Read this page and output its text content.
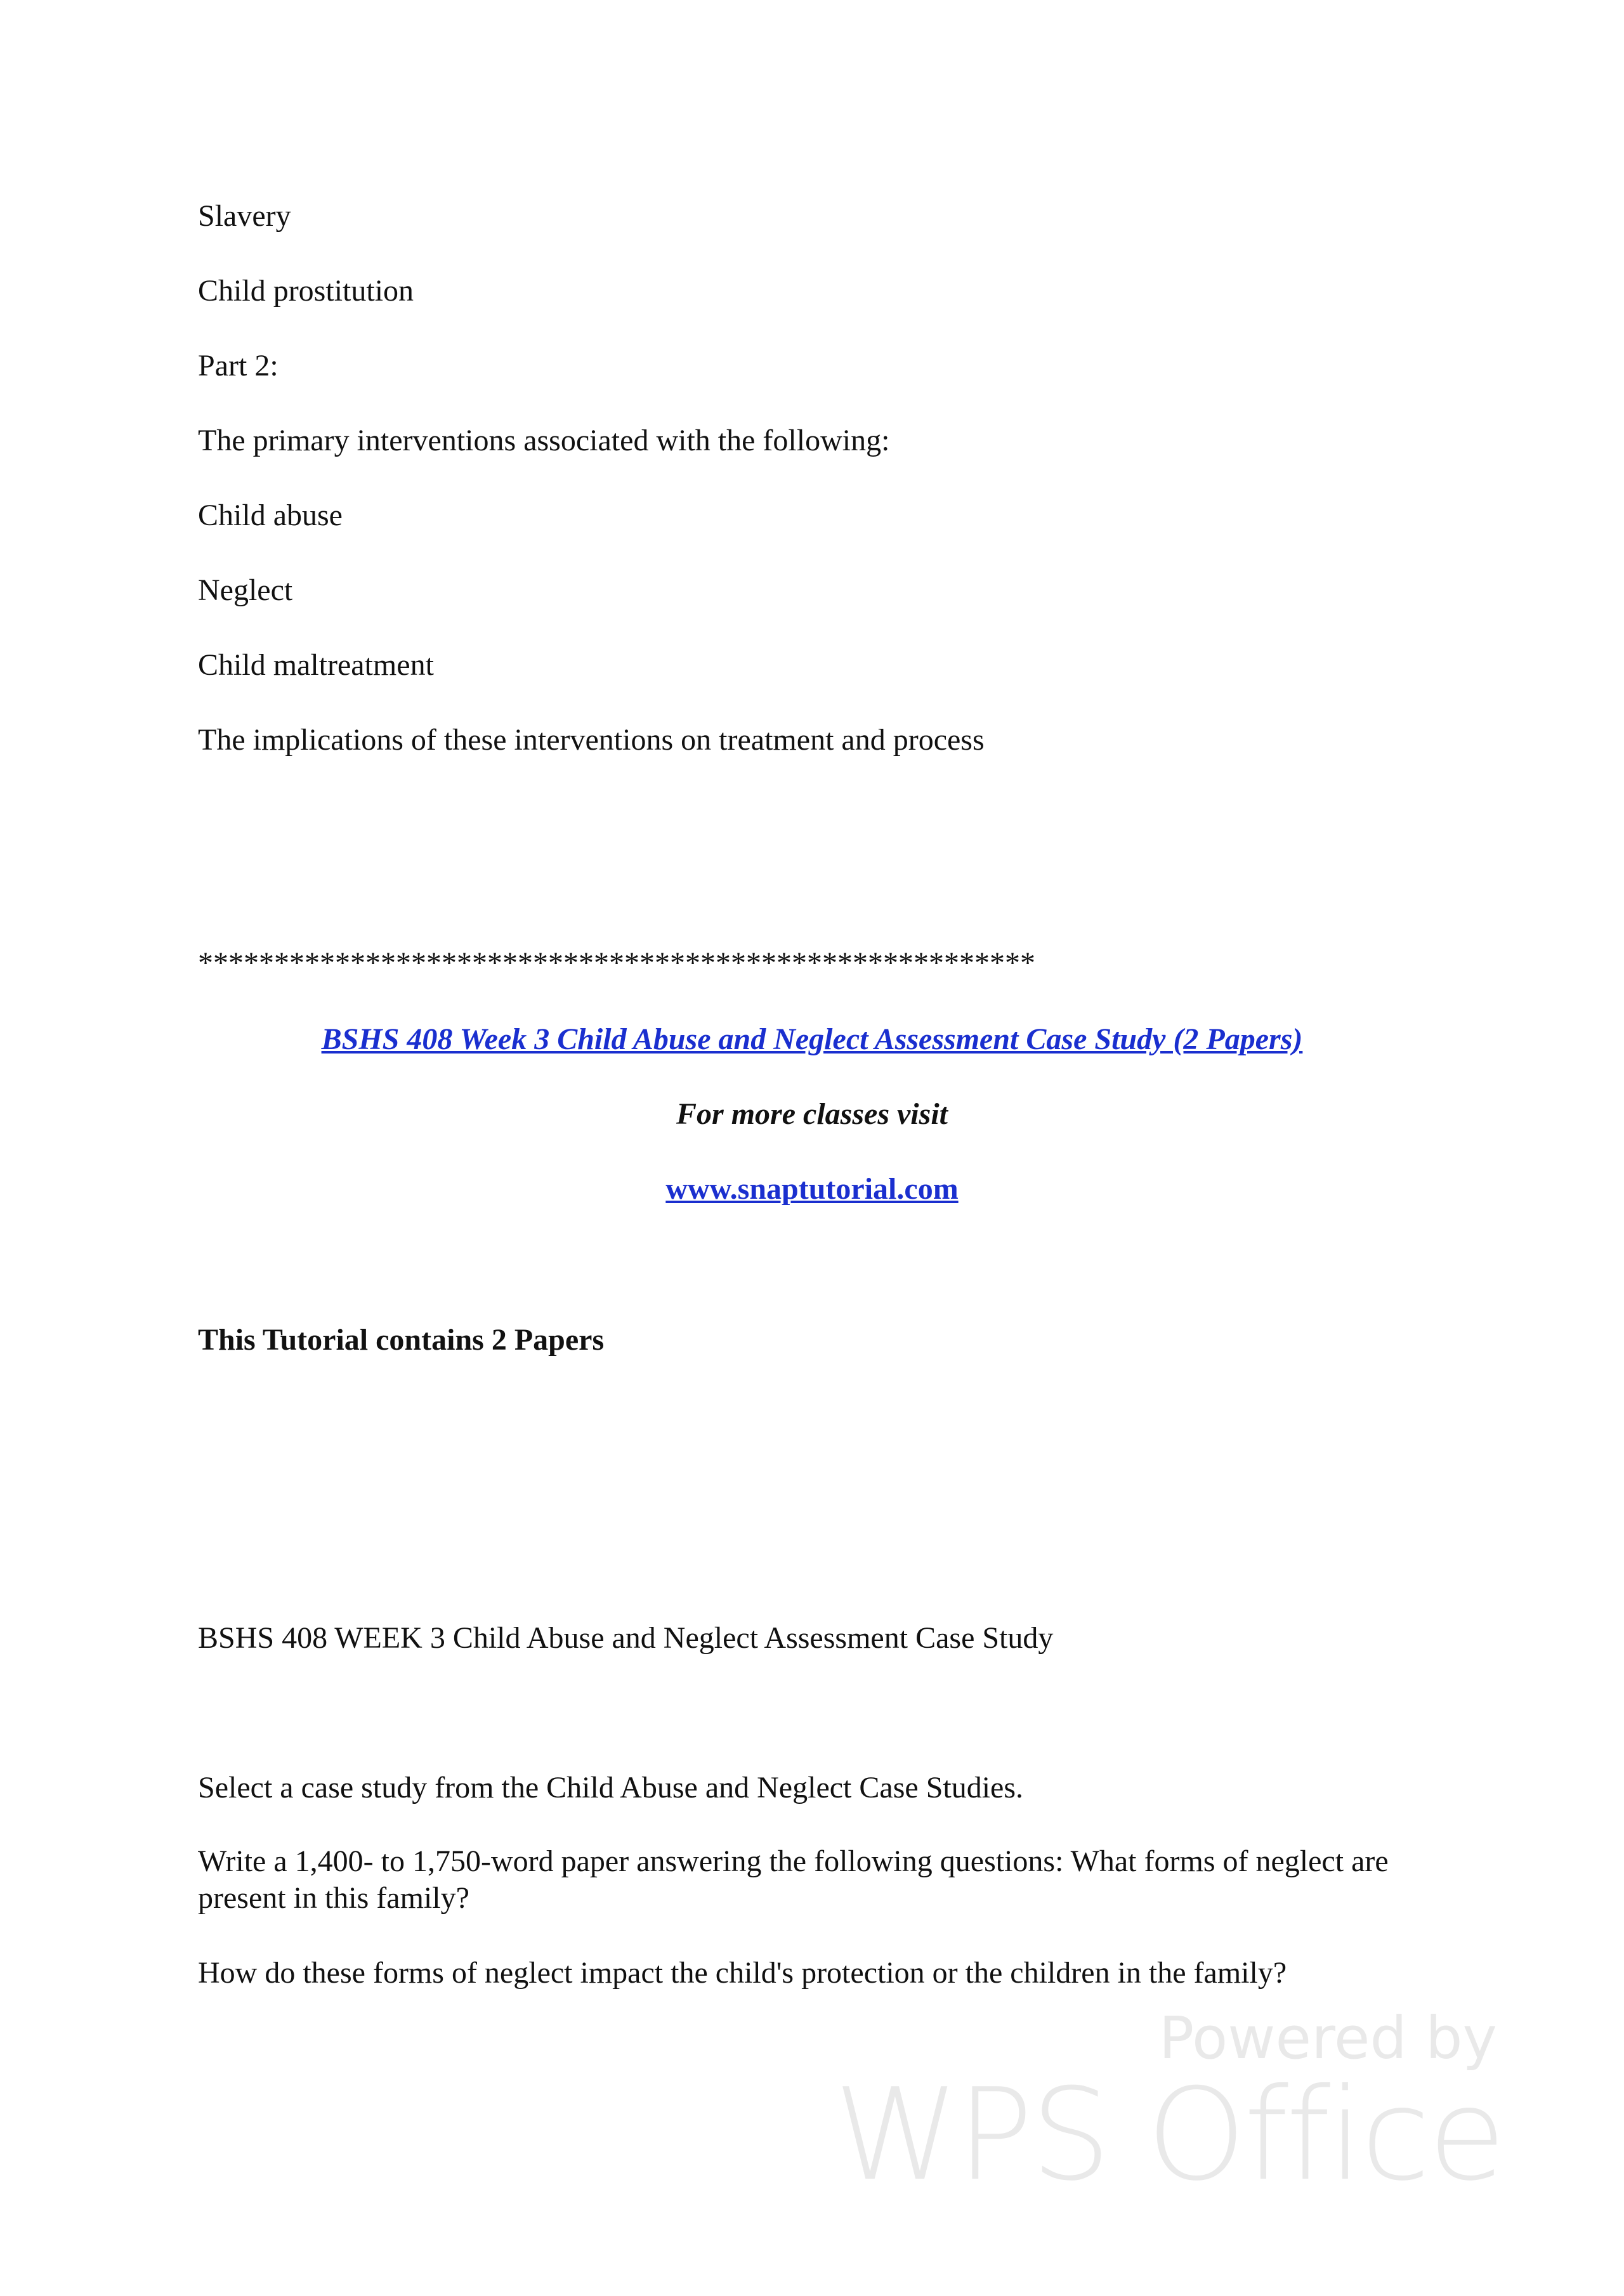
Slavery
Child prostitution
Part 2:
The primary interventions associated with the following:
Child abuse
Neglect
Child maltreatment
The implications of these interventions on treatment and process
*******************************************************
BSHS 408 Week 3 Child Abuse and Neglect Assessment Case Study (2 Papers)
For more classes visit
www.snaptutorial.com
This Tutorial contains 2 Papers
BSHS 408 WEEK 3 Child Abuse and Neglect Assessment Case Study
Select a case study from the Child Abuse and Neglect Case Studies.
Write a 1,400- to 1,750-word paper answering the following questions: What forms of neglect are present in this family?
How do these forms of neglect impact the child's protection or the children in the family?
Powered by
WPS Office
